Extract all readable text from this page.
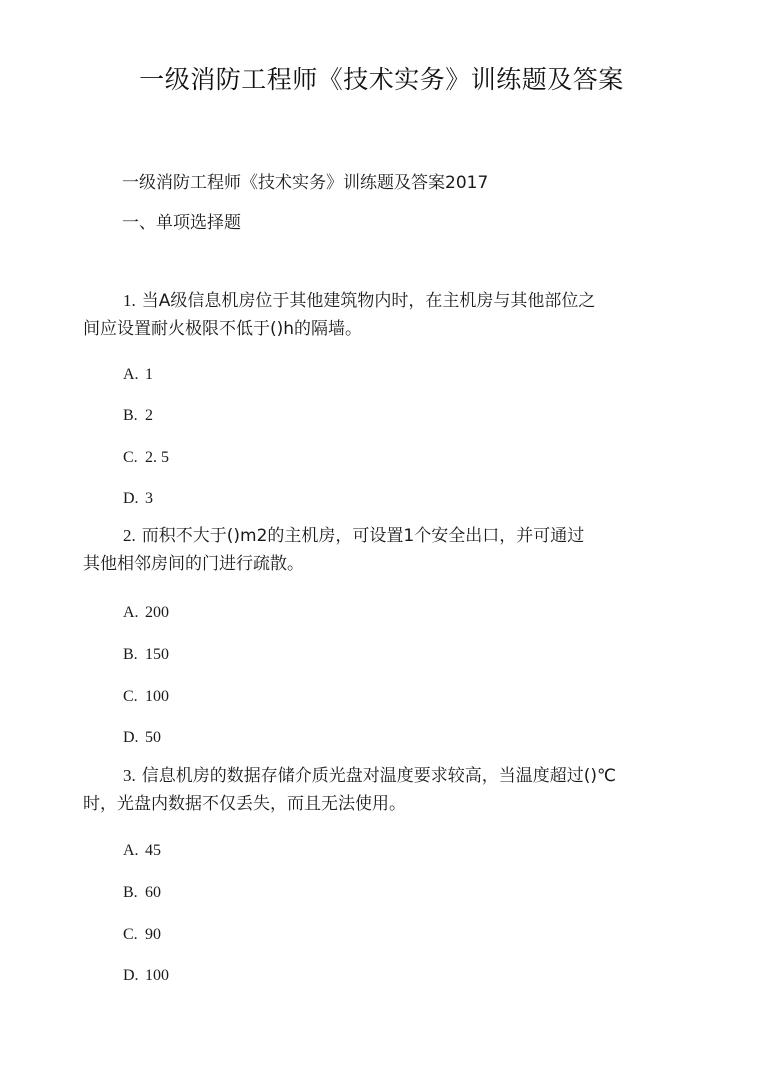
一级消防工程师《技术实务》训练题及答案
一级消防工程师《技术实务》训练题及答案2017
一、单项选择题
1. 当A级信息机房位于其他建筑物内时，在主机房与其他部位之
间应设置耐火极限不低于()h的隔墙。
A. 1
B. 2
C. 2. 5
D. 3
2. 而积不大于()m2的主机房，可设置1个安全出口，并可通过
其他相邻房间的门进行疏散。
A. 200
B. 150
C. 100
D. 50
3. 信息机房的数据存储介质光盘对温度要求较高，当温度超过()℃
时，光盘内数据不仅丢失，而且无法使用。
A. 45
B. 60
C. 90
D. 100
